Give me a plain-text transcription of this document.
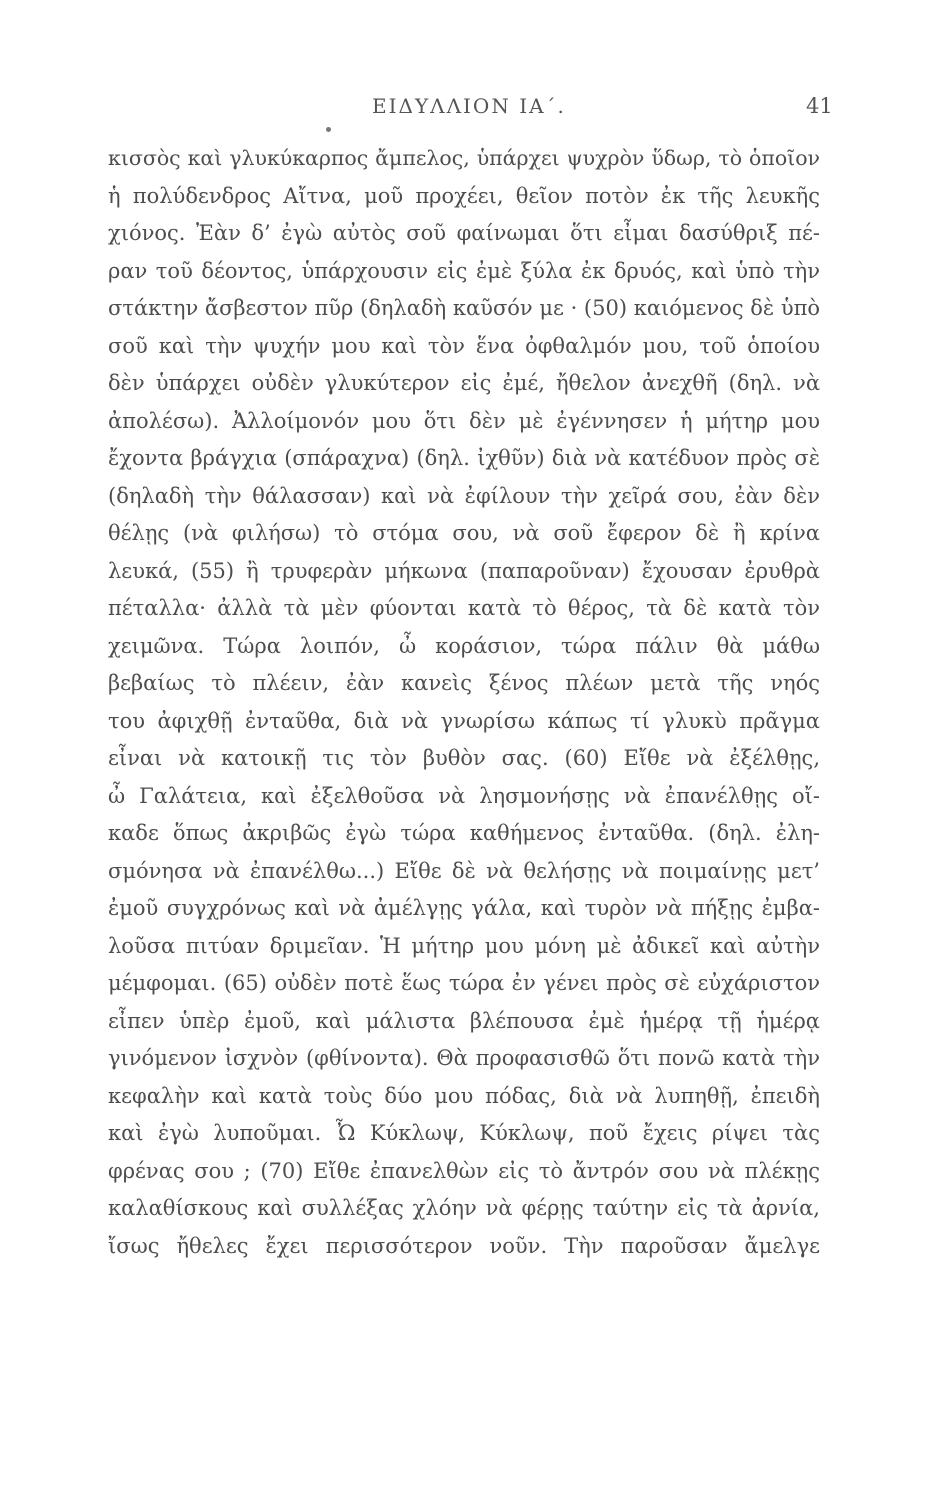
ΕΙΔΥΛΛΙΟΝ ΙΑ΄.	41
κισσὸς καὶ γλυκύκαρπος ἄμπελος, ὑπάρχει ψυχρὸν ὕδωρ, τὸ ὁποῖον
ἡ πολύδενδρος Αἴτνα, μοῦ προχέει, θεῖον ποτὸν ἐκ τῆς λευκῆς
χιόνος. Ἐὰν δ’ ἐγὼ αὐτὸς σοῦ φαίνωμαι ὅτι εἶμαι δασύθριξ πέ-
ραν τοῦ δέοντος, ὑπάρχουσιν εἰς ἐμὲ ξύλα ἐκ δρυός, καὶ ὑπὸ τὴν
στάκτην ἄσβεστον πῦρ (δηλαδὴ καῦσόν με · (50) καιόμενος δὲ ὑπὸ
σοῦ καὶ τὴν ψυχήν μου καὶ τὸν ἕνα ὀφθαλμόν μου, τοῦ ὁποίου
δὲν ὑπάρχει οὐδὲν γλυκύτερον εἰς ἐμέ, ἤθελον ἀνεχθῆ (δηλ. νὰ
ἀπολέσω). Ἀλλοίμονόν μου ὅτι δὲν μὲ ἐγέννησεν ἡ μήτηρ μου
ἔχοντα βράγχια (σπάραχνα) (δηλ. ἰχθῦν) διὰ νὰ κατέδυον πρὸς σὲ
(δηλαδὴ τὴν θάλασσαν) καὶ νὰ ἐφίλουν τὴν χεῖρά σου, ἐὰν δὲν
θέλῃς (νὰ φιλήσω) τὸ στόμα σου, νὰ σοῦ ἔφερον δὲ ἢ κρίνα
λευκά, (55) ἢ τρυφερὰν μήκωνα (παπαροῦναν) ἔχουσαν ἐρυθρὰ
πέταλλα· ἀλλὰ τὰ μὲν φύονται κατὰ τὸ θέρος, τὰ δὲ κατὰ τὸν
χειμῶνα. Τώρα λοιπόν, ὦ κοράσιον, τώρα πάλιν θὰ μάθω
βεβαίως τὸ πλέειν, ἐὰν κανεὶς ξένος πλέων μετὰ τῆς νηός
του ἀφιχθῇ ἐνταῦθα, διὰ νὰ γνωρίσω κάπως τί γλυκὺ πρᾶγμα
εἶναι νὰ κατοικῇ τις τὸν βυθὸν σας. (60) Εἴθε νὰ ἐξέλθῃς,
ὦ Γαλάτεια, καὶ ἐξελθοῦσα νὰ λησμονήσῃς νὰ ἐπανέλθῃς οἴ-
καδε ὅπως ἀκριβῶς ἐγὼ τώρα καθήμενος ἐνταῦθα. (δηλ. ἐλη-
σμόνησα νὰ ἐπανέλθω...) Εἴθε δὲ νὰ θελήσῃς νὰ ποιμαίνῃς μετ’
ἐμοῦ συγχρόνως καὶ νὰ ἀμέλγῃς γάλα, καὶ τυρὸν νὰ πήξῃς ἐμβα-
λοῦσα πιτύαν δριμεῖαν. Ἡ μήτηρ μου μόνη μὲ ἀδικεῖ καὶ αὐτὴν
μέμφομαι. (65) οὐδὲν ποτὲ ἕως τώρα ἐν γένει πρὸς σὲ εὐχάριστον
εἶπεν ὑπὲρ ἐμοῦ, καὶ μάλιστα βλέπουσα ἐμὲ ἡμέρᾳ τῇ ἡμέρᾳ
γινόμενον ἰσχνὸν (φθίνοντα). Θὰ προφασισθῶ ὅτι πονῶ κατὰ τὴν
κεφαλὴν καὶ κατὰ τοὺς δύο μου πόδας, διὰ νὰ λυπηθῇ, ἐπειδὴ
καὶ ἐγὼ λυποῦμαι. Ὦ Κύκλωψ, Κύκλωψ, ποῦ ἔχεις ρίψει τὰς
φρένας σου ; (70) Εἴθε ἐπανελθὼν εἰς τὸ ἄντρόν σου νὰ πλέκῃς
καλαθίσκους καὶ συλλέξας χλόην νὰ φέρῃς ταύτην εἰς τὰ ἀρνία,
ἴσως ἤθελες ἔχει περισσότερον νοῦν. Τὴν παροῦσαν ἄμελγε
